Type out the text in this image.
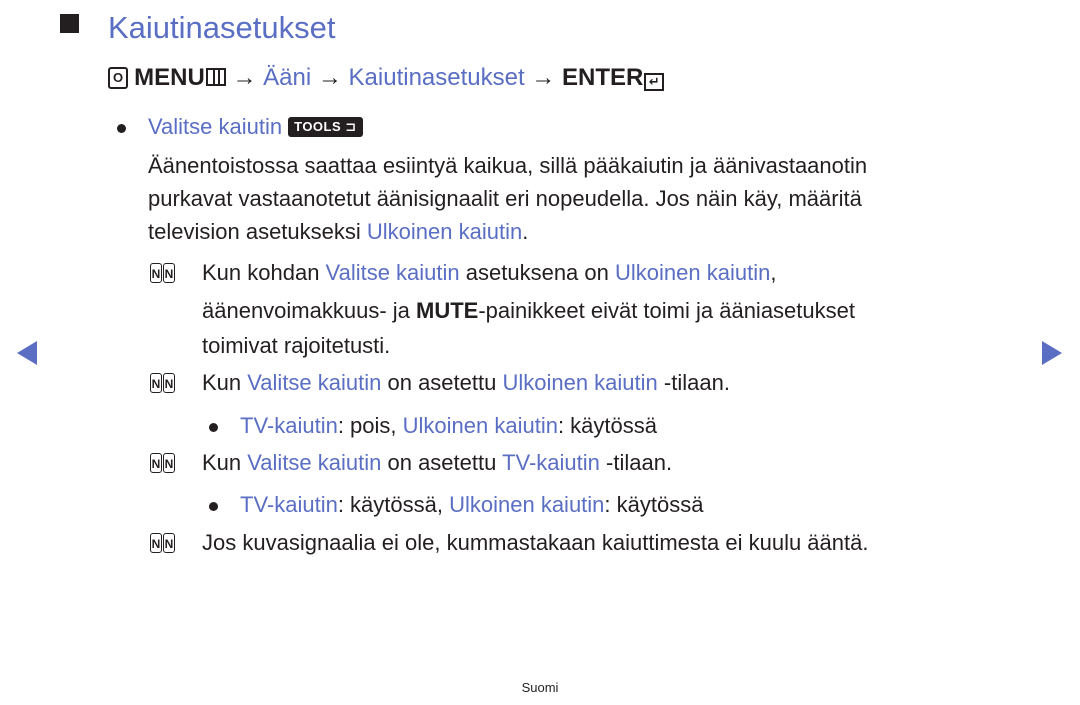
Kaiutinasetukset
O MENU → Ääni → Kaiutinasetukset → ENTER ↵
Valitse kaiutin TOOLS ⊐
Äänentoistossa saattaa esiintyä kaikua, sillä pääkaiutin ja äänivastaanotin
purkavat vastaanotetut äänisignaalit eri nopeudella. Jos näin käy, määritä
television asetukseksi Ulkoinen kaiutin.
N N Kun kohdan Valitse kaiutin asetuksena on Ulkoinen kaiutin,
äänenvoimakkuus- ja MUTE-painikkeet eivät toimi ja ääniasetukset
toimivat rajoitetusti.
N N Kun Valitse kaiutin on asetettu Ulkoinen kaiutin -tilaan.
TV-kaiutin: pois, Ulkoinen kaiutin: käytössä
N N Kun Valitse kaiutin on asetettu TV-kaiutin -tilaan.
TV-kaiutin: käytössä, Ulkoinen kaiutin: käytössä
N N Jos kuvasignaalia ei ole, kummastakaan kaiuttimesta ei kuulu ääntä.
Suomi
